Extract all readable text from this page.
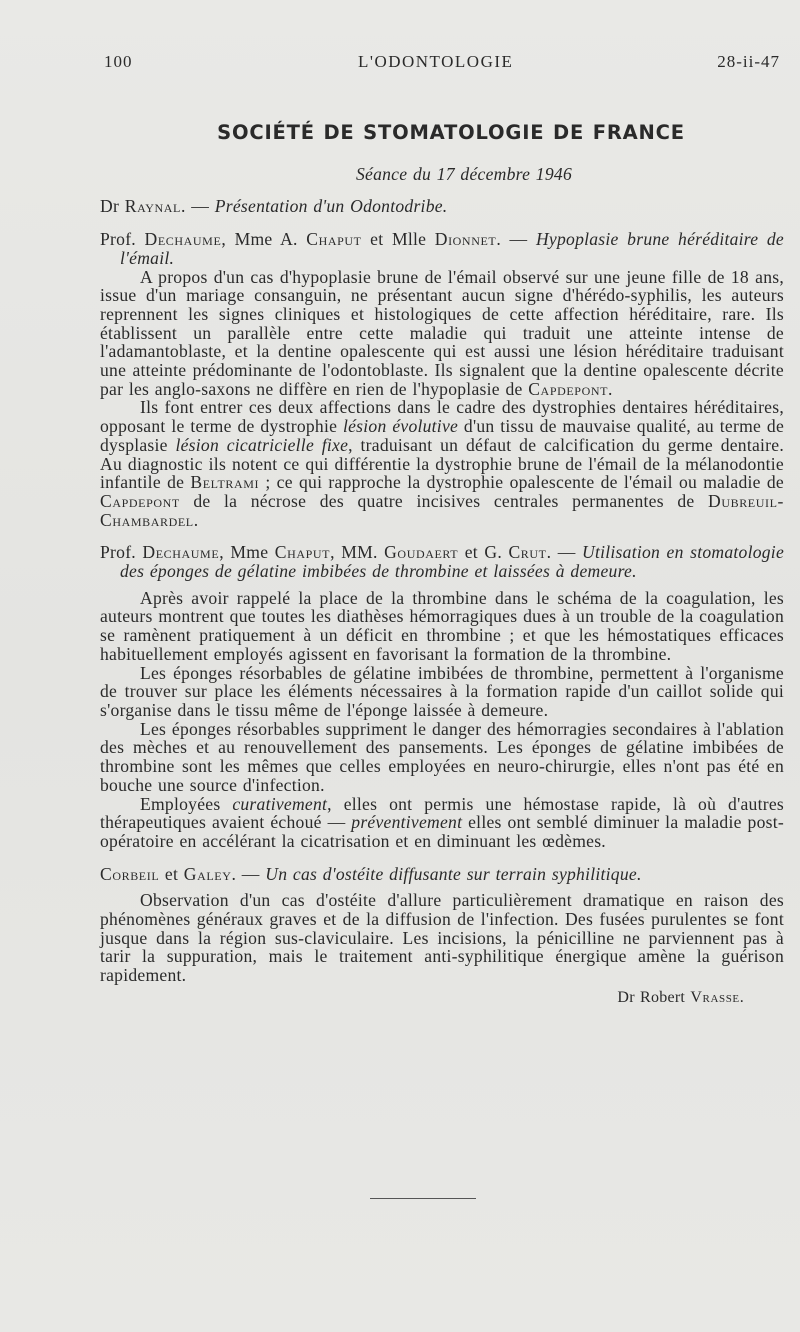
100	L'ODONTOLOGIE	28-ii-47
SOCIÉTÉ DE STOMATOLOGIE DE FRANCE
Séance du 17 décembre 1946
Dr Raynal. — Présentation d'un Odontodribe.
Prof. Dechaume, Mme A. Chaput et Mlle Dionnet. — Hypoplasie brune héréditaire de l'émail.

A propos d'un cas d'hypoplasie brune de l'émail observé sur une jeune fille de 18 ans, issue d'un mariage consanguin, ne présentant aucun signe d'hérédo-syphilis, les auteurs reprennent les signes cliniques et histologiques de cette affection héréditaire, rare. Ils établissent un parallèle entre cette maladie qui traduit une atteinte intense de l'adamantoblaste, et la dentine opalescente qui est aussi une lésion héréditaire traduisant une atteinte prédominante de l'odontoblaste. Ils signalent que la dentine opalescente décrite par les anglo-saxons ne diffère en rien de l'hypoplasie de Capdepont.

Ils font entrer ces deux affections dans le cadre des dystrophies dentaires héréditaires, opposant le terme de dystrophie lésion évolutive d'un tissu de mauvaise qualité, au terme de dysplasie lésion cicatricielle fixe, traduisant un défaut de calcification du germe dentaire. Au diagnostic ils notent ce qui différentie la dystrophie brune de l'émail de la mélanodontie infantile de Beltrami ; ce qui rapproche la dystrophie opalescente de l'émail ou maladie de Capdepont de la nécrose des quatre incisives centrales permanentes de Dubreuil-Chambardel.

Prof. Dechaume, Mme Chaput, MM. Goudaert et G. Crut. — Utilisation en stomatologie des éponges de gélatine imbibées de thrombine et laissées à demeure.

Après avoir rappelé la place de la thrombine dans le schéma de la coagulation, les auteurs montrent que toutes les diathèses hémorragiques dues à un trouble de la coagulation se ramènent pratiquement à un déficit en thrombine ; et que les hémostatiques efficaces habituellement employés agissent en favorisant la formation de la thrombine.

Les éponges résorbables de gélatine imbibées de thrombine, permettent à l'organisme de trouver sur place les éléments nécessaires à la formation rapide d'un caillot solide qui s'organise dans le tissu même de l'éponge laissée à demeure.

Les éponges résorbables suppriment le danger des hémorragies secondaires à l'ablation des mèches et au renouvellement des pansements. Les éponges de gélatine imbibées de thrombine sont les mêmes que celles employées en neuro-chirurgie, elles n'ont pas été en bouche une source d'infection.

Employées curativement, elles ont permis une hémostase rapide, là où d'autres thérapeutiques avaient échoué — préventivement elles ont semblé diminuer la maladie post-opératoire en accélérant la cicatrisation et en diminuant les œdèmes.

Corbeil et Galey. — Un cas d'ostéite diffusante sur terrain syphilitique.

Observation d'un cas d'ostéite d'allure particulièrement dramatique en raison des phénomènes généraux graves et de la diffusion de l'infection. Des fusées purulentes se font jusque dans la région sus-claviculaire. Les incisions, la pénicilline ne parviennent pas à tarir la suppuration, mais le traitement anti-syphilitique énergique amène la guérison rapidement.

Dr Robert Vrasse.
